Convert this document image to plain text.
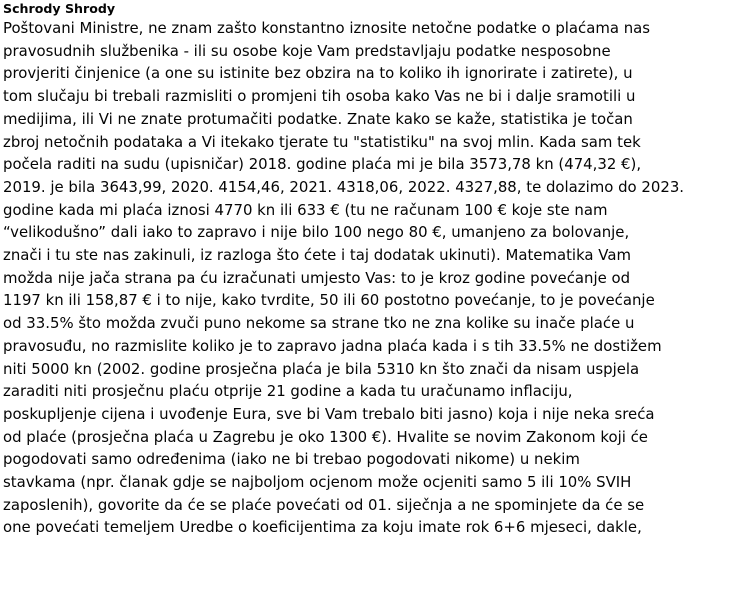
Schrody Shrody
Poštovani Ministre, ne znam zašto konstantno iznosite netočne podatke o plaćama nas
pravosudnih službenika - ili su osobe koje Vam predstavljaju podatke nesposobne
provjeriti činjenice (a one su istinite bez obzira na to koliko ih ignorirate i zatirete), u
tom slučaju bi trebali razmisliti o promjeni tih osoba kako Vas ne bi i dalje sramotili u
medijima, ili Vi ne znate protumačiti podatke. Znate kako se kaže, statistika je točan
zbroj netočnih podataka a Vi itekako tjerate tu "statistiku" na svoj mlin. Kada sam tek
počela raditi na sudu (upisničar) 2018. godine plaća mi je bila 3573,78 kn (474,32 €),
2019. je bila 3643,99, 2020. 4154,46, 2021. 4318,06, 2022. 4327,88, te dolazimo do 2023.
godine kada mi plaća iznosi 4770 kn ili 633 € (tu ne računam 100 € koje ste nam
“velikodušno” dali iako to zapravo i nije bilo 100 nego 80 €, umanjeno za bolovanje,
znači i tu ste nas zakinuli, iz razloga što ćete i taj dodatak ukinuti). Matematika Vam
možda nije jača strana pa ću izračunati umjesto Vas: to je kroz godine povećanje od
1197 kn ili 158,87 € i to nije, kako tvrdite, 50 ili 60 postotno povećanje, to je povećanje
od 33.5% što možda zvuči puno nekome sa strane tko ne zna kolike su inače plaće u
pravosuđu, no razmislite koliko je to zapravo jadna plaća kada i s tih 33.5% ne dostižem
niti 5000 kn (2002. godine prosječna plaća je bila 5310 kn što znači da nisam uspjela
zaraditi niti prosječnu plaću otprije 21 godine a kada tu uračunamo inflaciju,
poskupljenje cijena i uvođenje Eura, sve bi Vam trebalo biti jasno) koja i nije neka sreća
od plaće (prosječna plaća u Zagrebu je oko 1300 €). Hvalite se novim Zakonom koji će
pogodovati samo određenima (iako ne bi trebao pogodovati nikome) u nekim
stavkama (npr. članak gdje se najboljom ocjenom može ocjeniti samo 5 ili 10% SVIH
zaposlenih), govorite da će se plaće povećati od 01. siječnja a ne spominjete da će se
one povećati temeljem Uredbe o koeficijentima za koju imate rok 6+6 mjeseci, dakle,
